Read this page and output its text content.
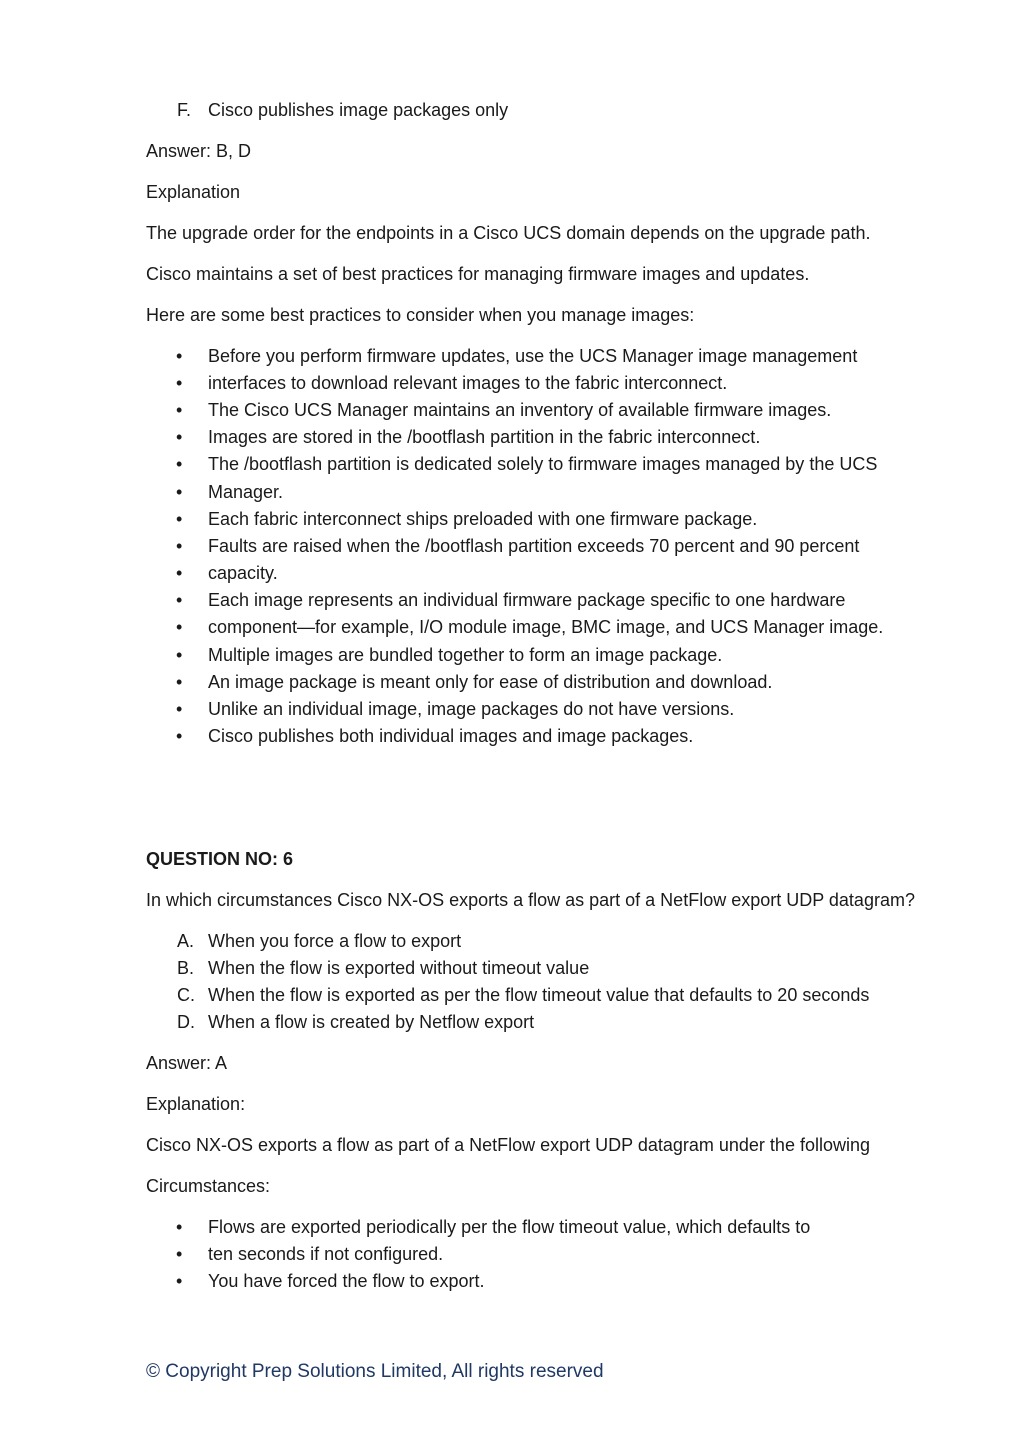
F. Cisco publishes image packages only
Answer: B, D
Explanation
The upgrade order for the endpoints in a Cisco UCS domain depends on the upgrade path.
Cisco maintains a set of best practices for managing firmware images and updates.
Here are some best practices to consider when you manage images:
• Before you perform firmware updates, use the UCS Manager image management
• interfaces to download relevant images to the fabric interconnect.
• The Cisco UCS Manager maintains an inventory of available firmware images.
• Images are stored in the /bootflash partition in the fabric interconnect.
• The /bootflash partition is dedicated solely to firmware images managed by the UCS
• Manager.
• Each fabric interconnect ships preloaded with one firmware package.
• Faults are raised when the /bootflash partition exceeds 70 percent and 90 percent
• capacity.
• Each image represents an individual firmware package specific to one hardware
• component—for example, I/O module image, BMC image, and UCS Manager image.
• Multiple images are bundled together to form an image package.
• An image package is meant only for ease of distribution and download.
• Unlike an individual image, image packages do not have versions.
• Cisco publishes both individual images and image packages.
QUESTION NO: 6
In which circumstances Cisco NX-OS exports a flow as part of a NetFlow export UDP datagram?
A. When you force a flow to export
B. When the flow is exported without timeout value
C. When the flow is exported as per the flow timeout value that defaults to 20 seconds
D. When a flow is created by Netflow export
Answer: A
Explanation:
Cisco NX-OS exports a flow as part of a NetFlow export UDP datagram under the following
Circumstances:
• Flows are exported periodically per the flow timeout value, which defaults to
• ten seconds if not configured.
• You have forced the flow to export.
© Copyright Prep Solutions Limited, All rights reserved
